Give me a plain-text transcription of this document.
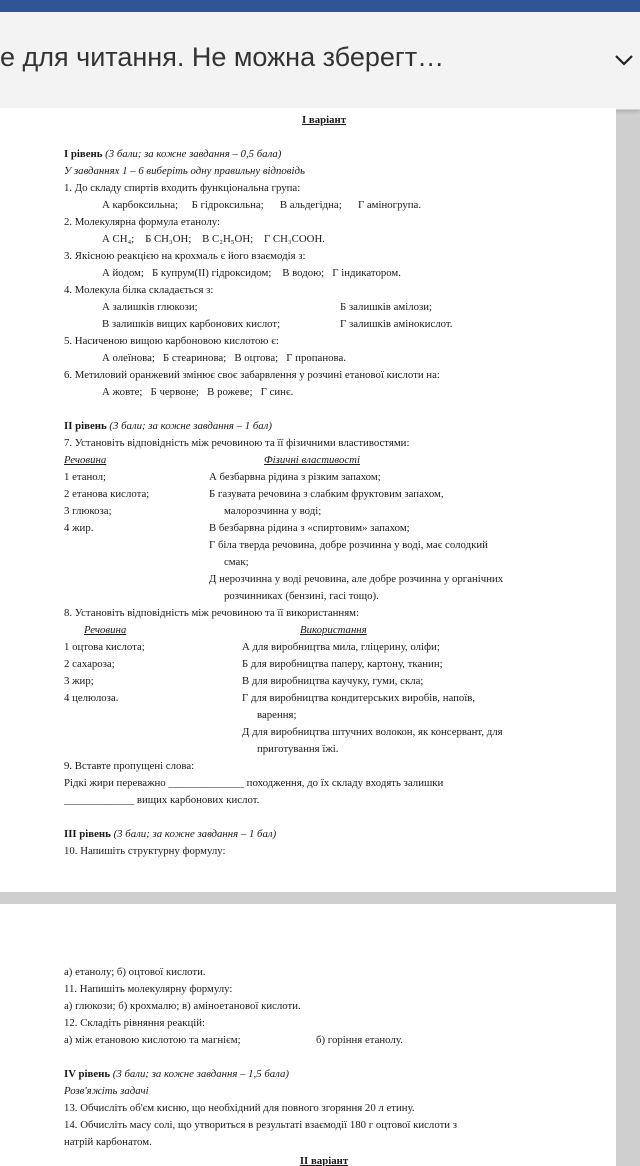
е для читання. Не можна зберегт…
І варіант
І рівень (3 бали; за кожне завдання – 0,5 бала)
У завданнях 1 – 6 виберіть одну правильну відповідь
1. До складу спиртів входить функціональна група:
А карбоксильна; Б гідроксильна; В альдегідна; Г аміногрупа.
2. Молекулярна формула етанолу:
А CH₄; Б CH₃OH; В C₂H₅OH; Г CH₃COOH.
3. Якісною реакцією на крохмаль є його взаємодія з:
А йодом; Б купрум(ІІ) гідроксидом; В водою; Г індикатором.
4. Молекула білка складається з:
А залишків глюкози;	Б залишків амілози;
В залишків вищих карбонових кислот;	Г залишків амінокислот.
5. Насиченою вищою карбоновою кислотою є:
А олеїнова; Б стеаринова; В оцтова; Г пропанова.
6. Метиловий оранжевий змінює своє забарвлення у розчині етанової кислоти на:
А жовте; Б червоне; В рожеве; Г синє.
ІІ рівень (3 бали; за кожне завдання – 1 бал)
7. Установіть відповідність між речовиною та її фізичними властивостями:
Речовина	Фізичні властивості
1 етанол;	А безбарвна рідина з різким запахом;
2 етанова кислота;	Б газувата речовина з слабким фруктовим запахом,
3 глюкоза;	малорозчинна у воді;
4 жир.	В безбарвна рідина з «спиртовим» запахом;
Г біла тверда речовина, добре розчинна у воді, має солодкий
смак;
Д нерозчинна у воді речовина, але добре розчинна у органічних
розчинниках (бензині, гасі тощо).
8. Установіть відповідність між речовиною та її використанням:
Речовина	Використання
1 оцтова кислота;	А для виробництва мила, гліцерину, оліфи;
2 сахароза;	Б для виробництва паперу, картону, тканин;
3 жир;	В для виробництва каучуку, гуми, скла;
4 целюлоза.	Г для виробництва кондитерських виробів, напоїв,
варення;
Д для виробництва штучних волокон, як консервант, для
приготування їжі.
9. Вставте пропущені слова:
Рідкі жири переважно ______________ походження, до їх складу входять залишки
_____________ вищих карбонових кислот.
ІІІ рівень (3 бали; за кожне завдання – 1 бал)
10. Напишіть структурну формулу:
а) етанолу; б) оцтової кислоти.
11. Напишіть молекулярну формулу:
а) глюкози; б) крохмалю; в) аміноетанової кислоти.
12. Складіть рівняння реакцій:
а) між етановою кислотою та магнієм;	б) горіння етанолу.
IV рівень (3 бали; за кожне завдання – 1,5 бала)
Розв'яжіть задачі
13. Обчисліть об'єм кисню, що необхідний для повного згоряння 20 л етину.
14. Обчисліть масу солі, що утвориться в результаті взаємодії 180 г оцтової кислоти з
натрій карбонатом.
ІІ варіант
